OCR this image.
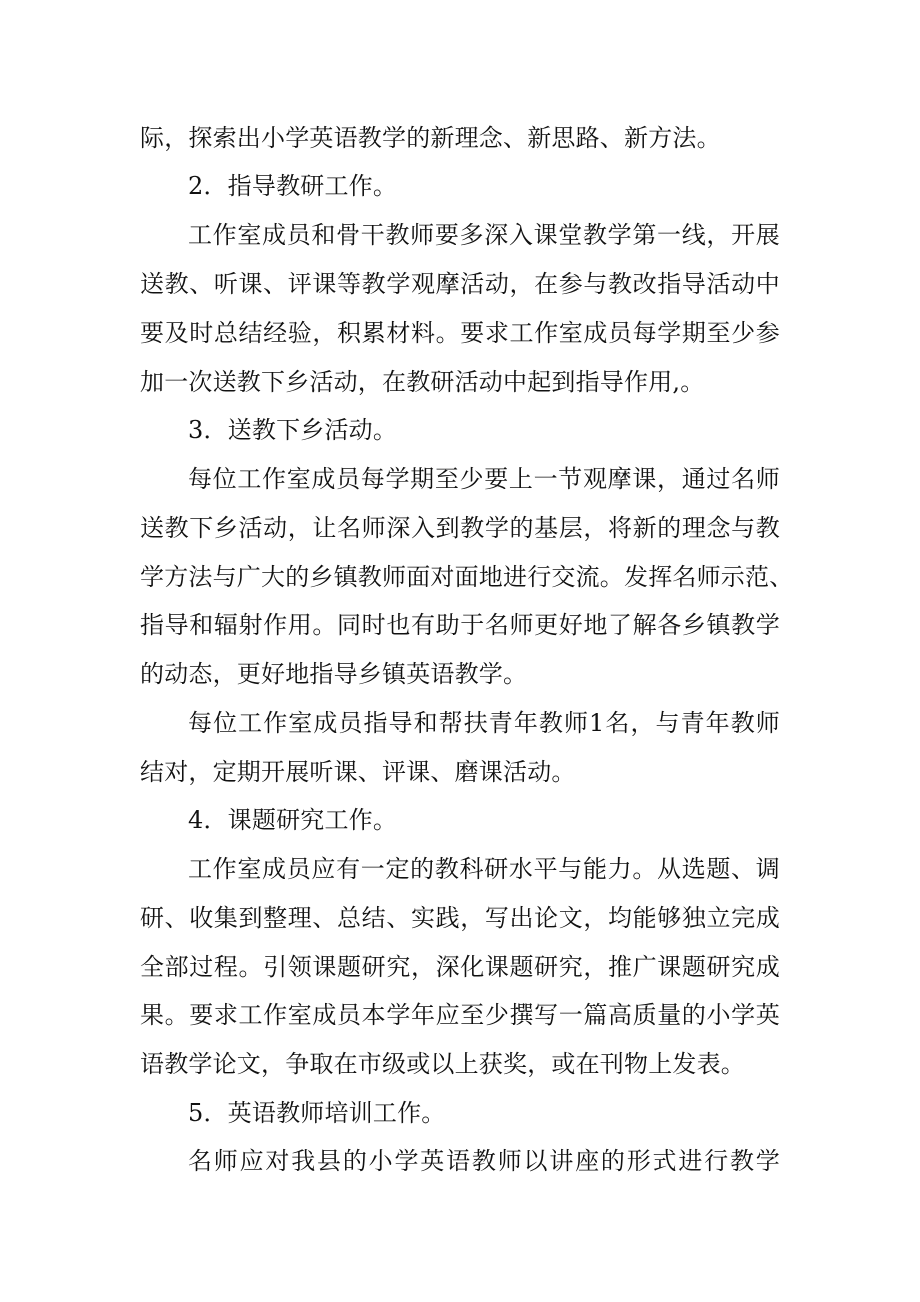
际，探索出小学英语教学的新理念、新思路、新方法。
2．指导教研工作。
工作室成员和骨干教师要多深入课堂教学第一线，开展
送教、听课、评课等教学观摩活动，在参与教改指导活动中
要及时总结经验，积累材料。要求工作室成员每学期至少参
加一次送教下乡活动，在教研活动中起到指导作用,。
3．送教下乡活动。
每位工作室成员每学期至少要上一节观摩课，通过名师
送教下乡活动，让名师深入到教学的基层，将新的理念与教
学方法与广大的乡镇教师面对面地进行交流。发挥名师示范、
指导和辐射作用。同时也有助于名师更好地了解各乡镇教学
的动态，更好地指导乡镇英语教学。
每位工作室成员指导和帮扶青年教师1名，与青年教师
结对，定期开展听课、评课、磨课活动。
4．课题研究工作。
工作室成员应有一定的教科研水平与能力。从选题、调
研、收集到整理、总结、实践，写出论文，均能够独立完成
全部过程。引领课题研究，深化课题研究，推广课题研究成
果。要求工作室成员本学年应至少撰写一篇高质量的小学英
语教学论文，争取在市级或以上获奖，或在刊物上发表。
5．英语教师培训工作。
名师应对我县的小学英语教师以讲座的形式进行教学
